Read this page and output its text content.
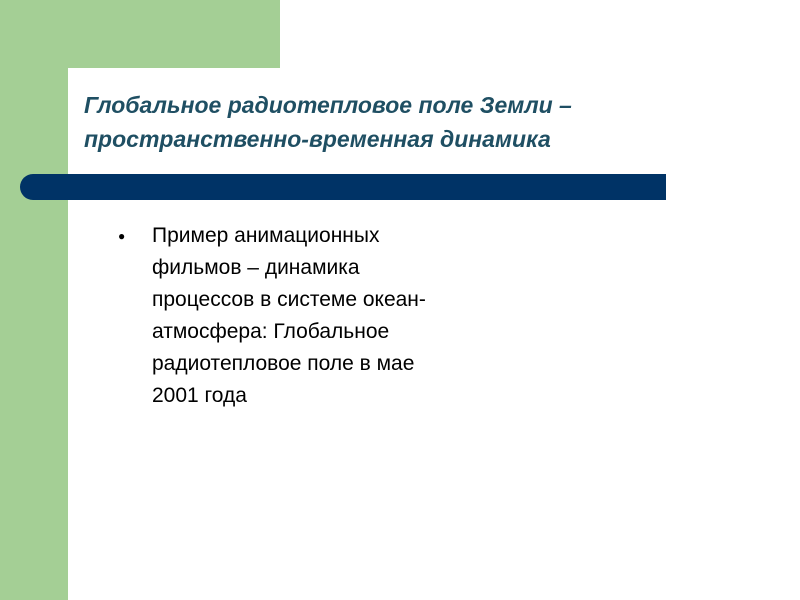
Глобальное радиотепловое поле Земли – пространственно-временная динамика
●	Пример анимационных фильмов – динамика процессов в системе океан-атмосфера: Глобальное радиотепловое поле в мае 2001 года
